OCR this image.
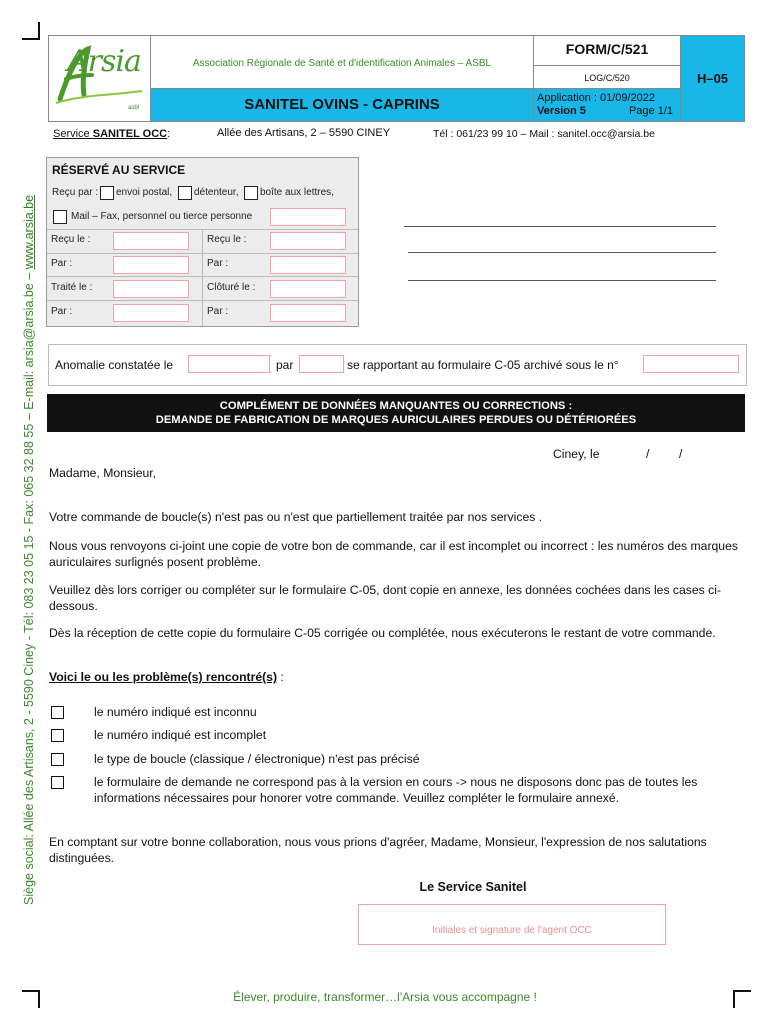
Siège social: Allée des Artisans, 2 - 5590 Ciney - Tél: 083 23 05 15 - Fax: 065 32 88 55 – E-mail: arsia@arsia.be – www.arsia.be
	Association Régionale de Santé et d'identification Animales – ASBL	FORM/C/521	H–05
		LOG/C/520	
	SANITEL OVINS - CAPRINS	Application : 01/09/2022
Version 5 Page 1/1	
Arsia
asbl
Service SANITEL OCC:	Allée des Artisans, 2 – 5590 CINEY	Tél : 061/23 99 10 – Mail : sanitel.occ@arsia.be
RÉSERVÉ AU SERVICE
Reçu par : envoi postal, détenteur, boîte aux lettres,
Mail – Fax, personnel ou tierce personne
Reçu le :	Reçu le :
Par :	Par :
Traité le :	Clôturé le :
Par :	Par :
Anomalie constatée le	par	se rapportant au formulaire C-05 archivé sous le n°
COMPLÉMENT DE DONNÉES MANQUANTES OU CORRECTIONS :
DEMANDE DE FABRICATION DE MARQUES AURICULAIRES PERDUES OU DÉTÉRIORÉES
Ciney, le	/ /
Madame, Monsieur,
Votre commande de boucle(s) n'est pas ou n'est que partiellement traitée par nos services .
Nous vous renvoyons ci-joint une copie de votre bon de commande, car il est incomplet ou incorrect : les numéros des marques auriculaires surlignés posent problème.
Veuillez dès lors corriger ou compléter sur le formulaire C-05, dont copie en annexe, les données cochées dans les cases ci-dessous.
Dès la réception de cette copie du formulaire C-05 corrigée ou complétée, nous exécuterons le restant de votre commande.
Voici le ou les problème(s) rencontré(s) :
le numéro indiqué est inconnu
le numéro indiqué est incomplet
le type de boucle (classique / électronique) n'est pas précisé
le formulaire de demande ne correspond pas à la version en cours -> nous ne disposons donc pas de toutes les informations nécessaires pour honorer votre commande. Veuillez compléter le formulaire annexé.
En comptant sur votre bonne collaboration, nous vous prions d'agréer, Madame, Monsieur, l'expression de nos salutations distinguées.
Le Service Sanitel
Initiales et signature de l'agent OCC
Élever, produire, transformer…l'Arsia vous accompagne !
